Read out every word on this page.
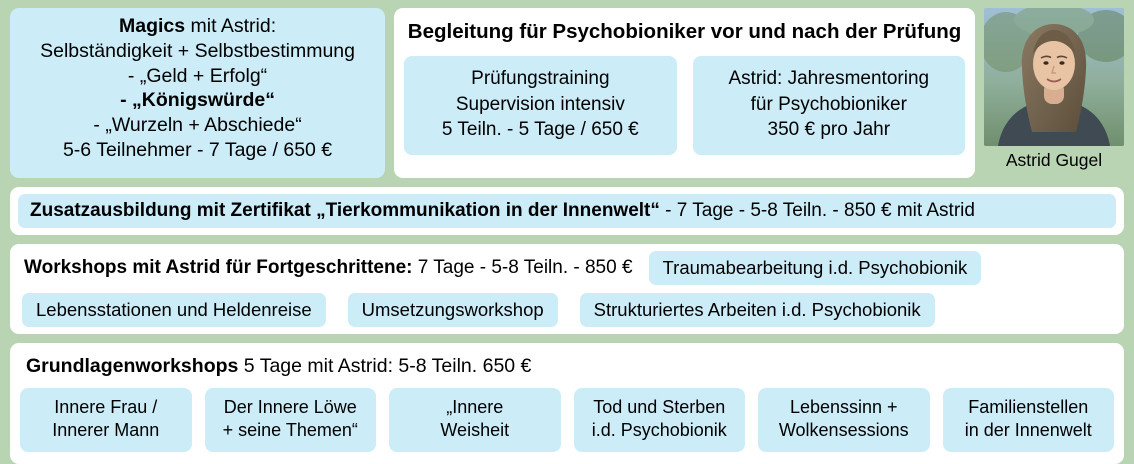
Magics mit Astrid:
Selbständigkeit + Selbstbestimmung
- „Geld + Erfolg“
- „Königswürde“
- „Wurzeln + Abschiede“
5-6 Teilnehmer - 7 Tage / 650 €
Begleitung für Psychobioniker vor und nach der Prüfung
Prüfungstraining
Supervision intensiv
5 Teiln. - 5 Tage / 650 €
Astrid: Jahresmentoring
für Psychobioniker
350 € pro Jahr
Astrid Gugel
Zusatzausbildung mit Zertifikat „Tierkommunikation in der Innenwelt“ - 7 Tage - 5-8 Teiln. - 850 € mit Astrid
Workshops mit Astrid für Fortgeschrittene: 7 Tage - 5-8 Teiln. - 850 €	Traumabearbeitung i.d. Psychobionik
Lebensstationen und Heldenreise	Umsetzungsworkshop	Strukturiertes Arbeiten i.d. Psychobionik
Grundlagenworkshops 5 Tage mit Astrid: 5-8 Teiln. 650 €
Innere Frau /
Innerer Mann
Der Innere Löwe
+ seine Themen“
„Innere
Weisheit
Tod und Sterben
i.d. Psychobionik
Lebenssinn +
Wolkensessions
Familienstellen
in der Innenwelt
